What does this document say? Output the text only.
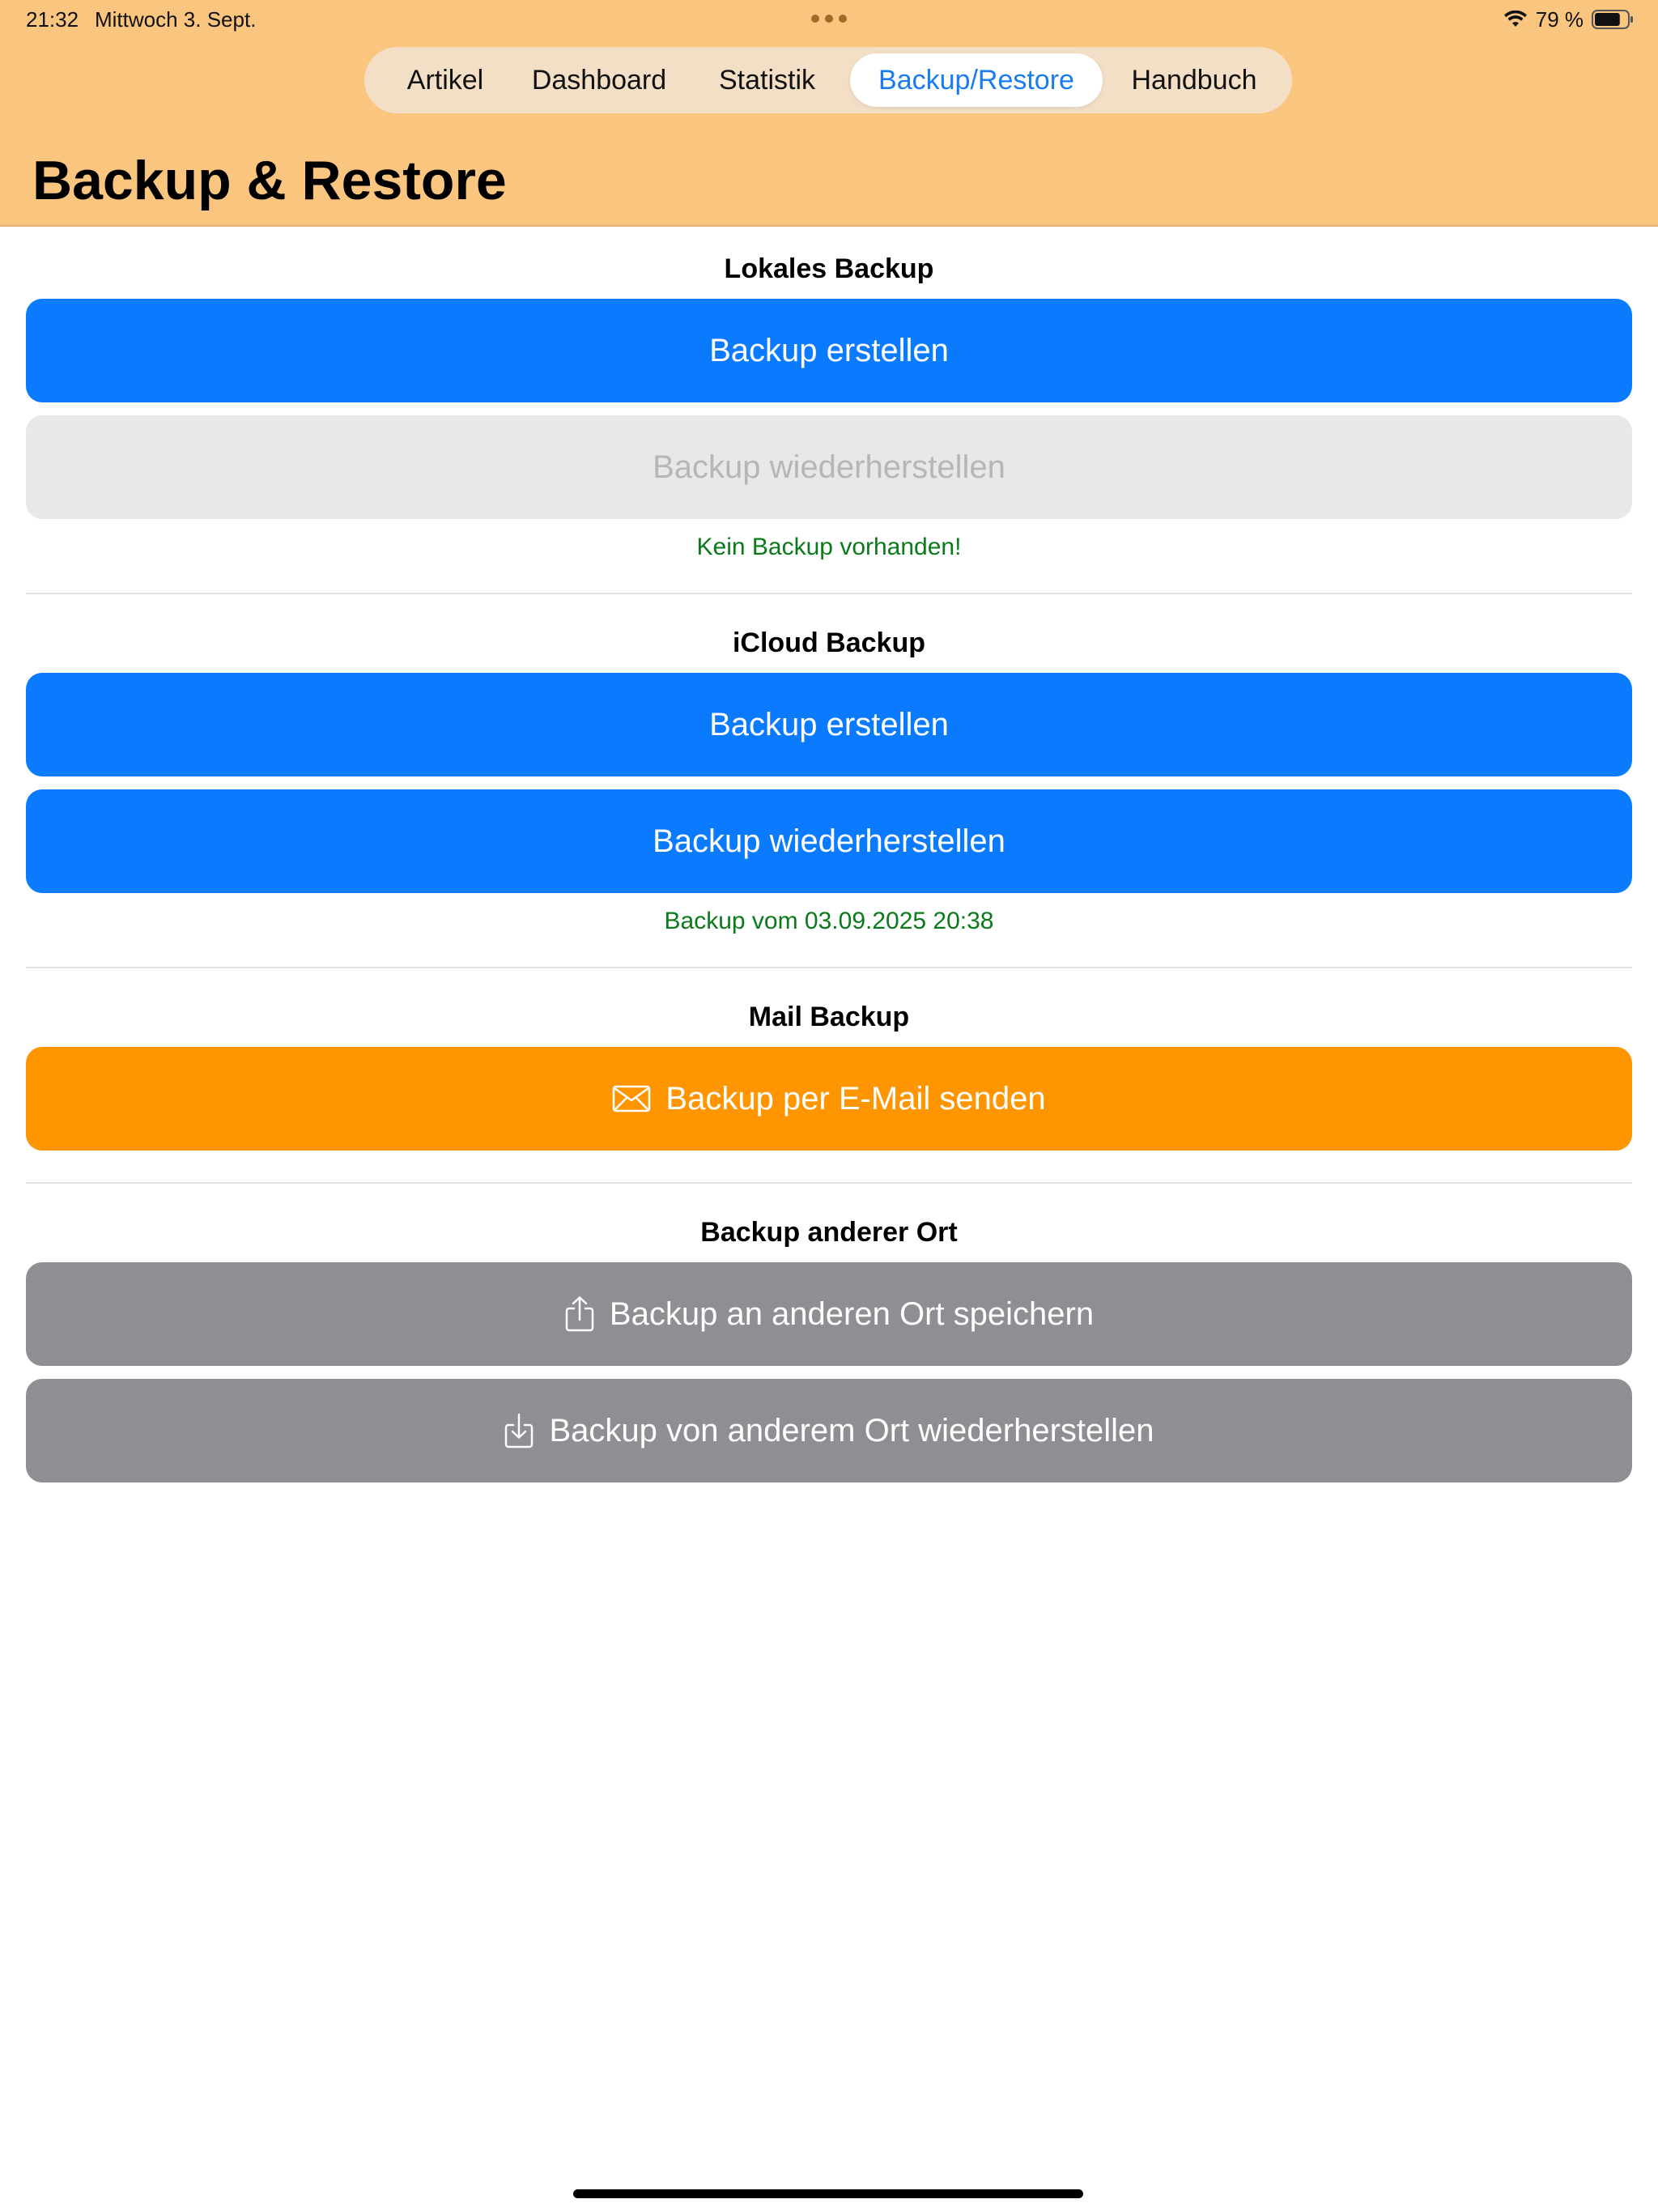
21:32 Mittwoch 3. Sept.	79 %
Artikel	Dashboard	Statistik	Backup/Restore	Handbuch
Backup & Restore
Lokales Backup
Backup erstellen
Backup wiederherstellen
Kein Backup vorhanden!
iCloud Backup
Backup erstellen
Backup wiederherstellen
Backup vom 03.09.2025 20:38
Mail Backup
Backup per E-Mail senden
Backup anderer Ort
Backup an anderen Ort speichern
Backup von anderem Ort wiederherstellen
